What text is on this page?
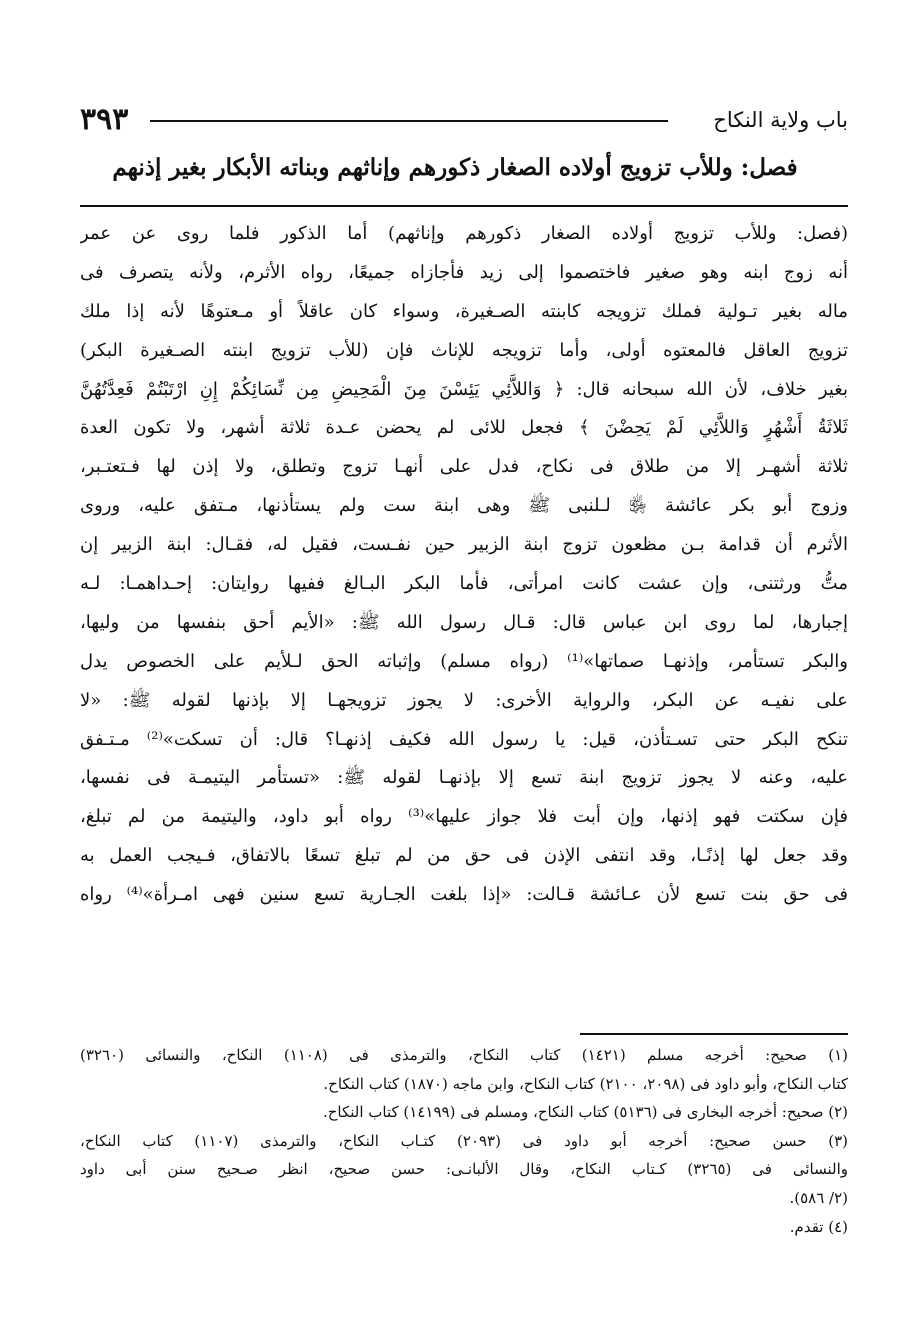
٣٩٣	باب ولاية النكاح
فصل: وللأب تزويج أولاده الصغار ذكورهم وإناثهم وبناته الأبكار بغير إذنهم
(فصل: وللأب تزويج أولاده الصغار ذكورهم وإناثهم) أما الذكور فلما روى عن عمر
أنه زوج ابنه وهو صغير فاختصموا إلى زيد فأجازاه جميعًا، رواه الأثرم، ولأنه يتصرف فى
ماله بغير تـولية فملك تزويجه كابنته الصـغيرة، وسواء كان عاقلاً أو مـعتوهًا لأنه إذا ملك
تزويج العاقل فالمعتوه أولى، وأما تزويجه للإناث فإن (للأب تزويج ابنته الصـغيرة البكر)
بغير خلاف، لأن الله سبحانه قال: ﴿ وَاللاَّئِي يَئِسْنَ مِنَ الْمَحِيضِ مِن نِّسَائِكُمْ إِنِ ارْتَبْتُمْ فَعِدَّتُهُنَّ
ثَلاثَةُ أَشْهُرٍ وَاللاَّئِي لَمْ يَحِضْنَ ﴾ فجعل للائى لم يحضن عـدة ثلاثة أشهر، ولا تكون العدة
ثلاثة أشهـر إلا من طلاق فى نكاح، فدل على أنهـا تزوج وتطلق، ولا إذن لها فـتعتـبر،
وزوج أبو بكر عائشة ﵂ لـلنبى ﷺ وهى ابنة ست ولم يستأذنها، مـتفق عليه، وروى
الأثرم أن قدامة بـن مظعون تزوج ابنة الزبير حين نفـست، فقيل له، فقـال: ابنة الزبير إن
متُّ ورثتنى، وإن عشت كانت امرأتى، فأما البكر البـالغ ففيها روايتان: إحـداهمـا: لـه
إجبارها، لما روى ابن عباس قال: قـال رسول الله ﷺ: «الأيم أحق بنفسها من وليها،
والبكر تستأمر، وإذنهـا صماتها»⁽¹⁾ (رواه مسلم) وإثباته الحق لـلأيم على الخصوص يدل
على نفيـه عن البكر، والرواية الأخرى: لا يجوز تزويجهـا إلا بإذنها لقوله ﷺ: «لا
تنكح البكر حتى تسـتأذن، قيل: يا رسول الله فكيف إذنهـا؟ قال: أن تسكت»⁽²⁾ مـتـفق
عليه، وعنه لا يجوز تزويج ابنة تسع إلا بإذنهـا لقوله ﷺ: «تستأمر اليتيمـة فى نفسها،
فإن سكتت فهو إذنها، وإن أبت فلا جواز عليها»⁽³⁾ رواه أبو داود، واليتيمة من لم تبلغ،
وقد جعل لها إذنًـا، وقد انتفى الإذن فى حق من لم تبلغ تسعًا بالاتفاق، فـيجب العمل به
فى حق بنت تسع لأن عـائشة قـالت: «إذا بلغت الجـارية تسع سنين فهى امـرأة»⁽⁴⁾ رواه
(١) صحيح: أخرجه مسلم (١٤٢١) كتاب النكاح، والترمذى فى (١١٠٨) النكاح، والنسائى (٣٢٦٠)
كتاب النكاح، وأبو داود فى (٢٠٩٨، ٢١٠٠) كتاب النكاح، وابن ماجه (١٨٧٠) كتاب النكاح.
(٢) صحيح: أخرجه البخارى فى (٥١٣٦) كتاب النكاح، ومسلم فى (١٤١٩٩) كتاب النكاح.
(٣) حسن صحيح: أخرجه أبو داود فى (٢٠٩٣) كتـاب النكاح، والترمذى (١١٠٧) كتاب النكاح،
والنسائى فى (٣٢٦٥) كـتاب النكاح، وقال الألبانـى: حسن صحيح، انظر صـحيح سنن أبى داود
(٢/ ٥٨٦).
(٤) تقدم.
